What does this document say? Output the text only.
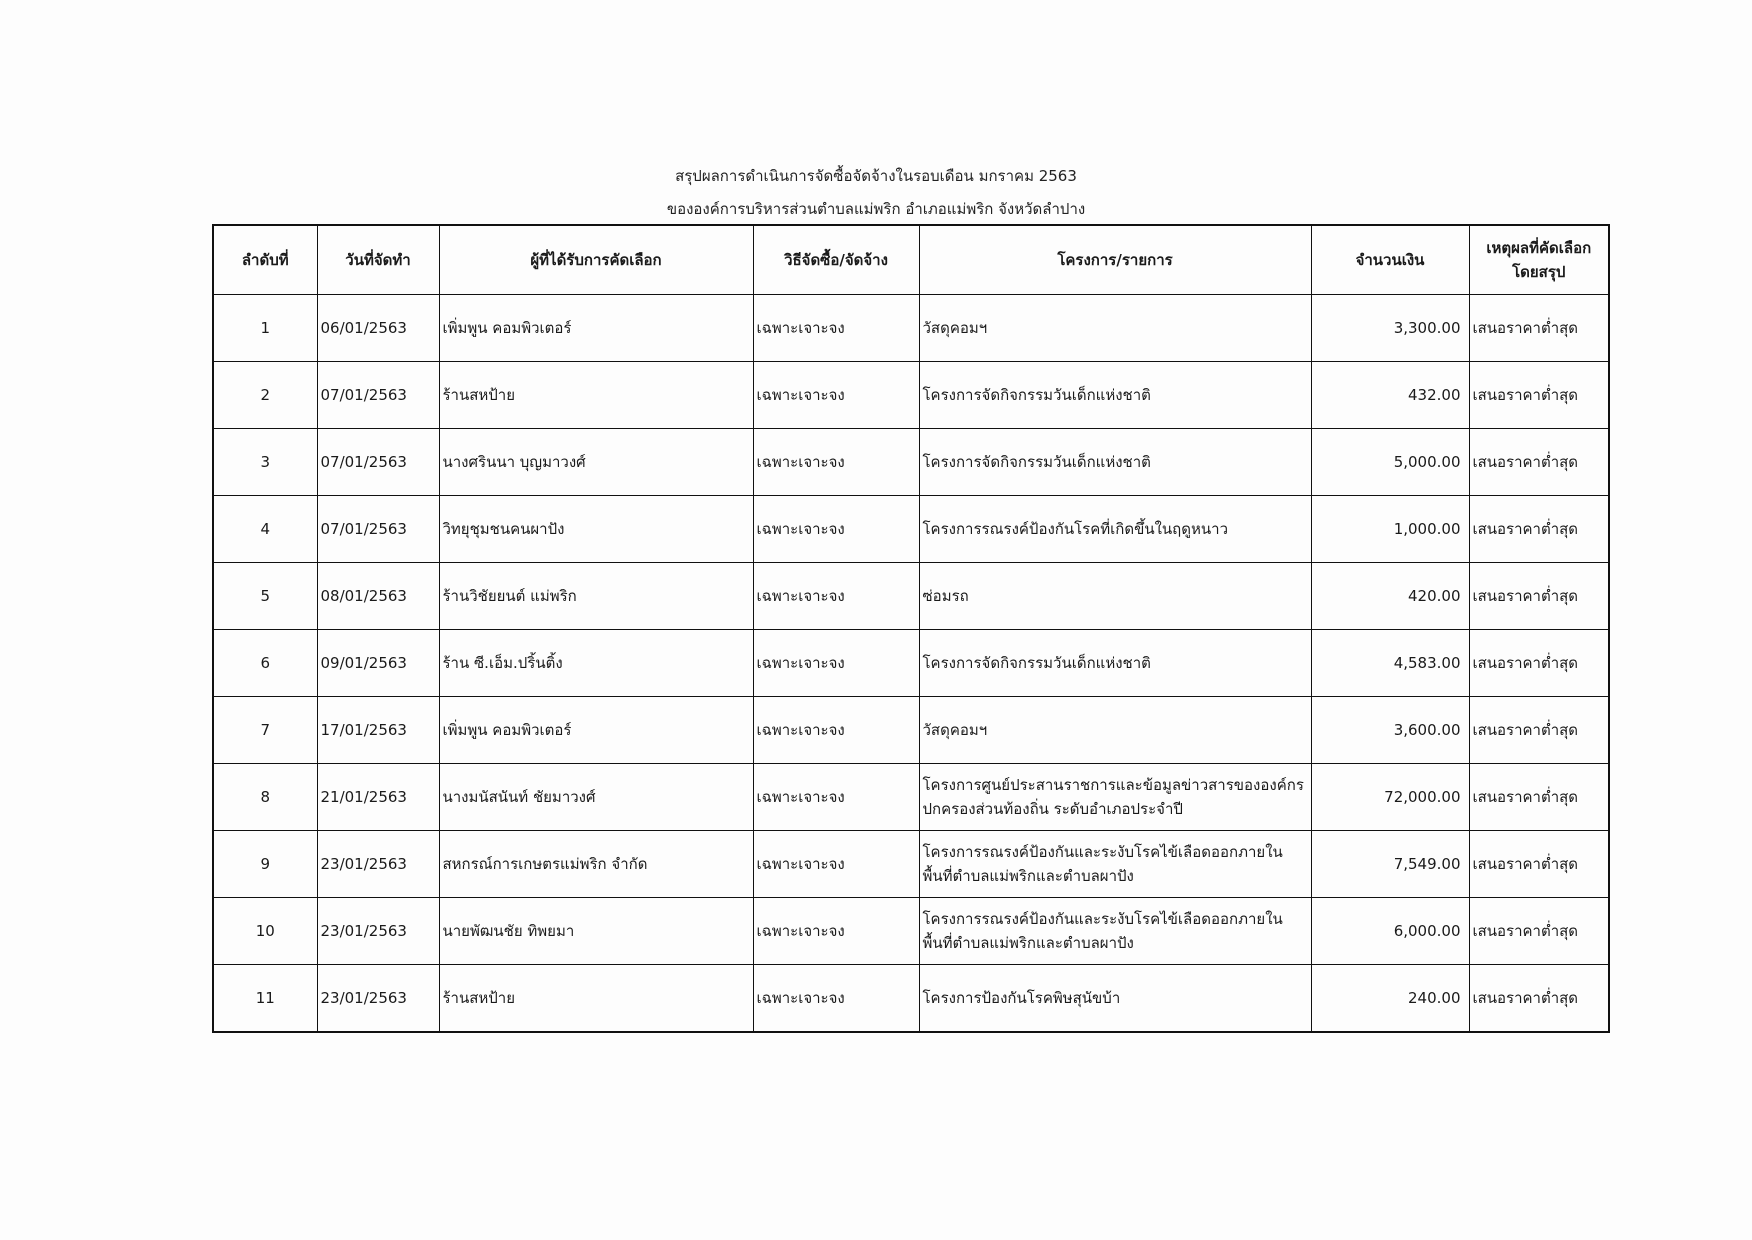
สรุปผลการดำเนินการจัดซื้อจัดจ้างในรอบเดือน มกราคม 2563
ขององค์การบริหารส่วนตำบลแม่พริก อำเภอแม่พริก จังหวัดลำปาง
ลำดับที่	วันที่จัดทำ	ผู้ที่ได้รับการคัดเลือก	วิธีจัดซื้อ/จัดจ้าง	โครงการ/รายการ	จำนวนเงิน	เหตุผลที่คัดเลือก โดยสรุป
1	06/01/2563	เพิ่มพูน คอมพิวเตอร์	เฉพาะเจาะจง	วัสดุคอมฯ	3,300.00	เสนอราคาต่ำสุด
2	07/01/2563	ร้านสหป้าย	เฉพาะเจาะจง	โครงการจัดกิจกรรมวันเด็กแห่งชาติ	432.00	เสนอราคาต่ำสุด
3	07/01/2563	นางศรินนา บุญมาวงศ์	เฉพาะเจาะจง	โครงการจัดกิจกรรมวันเด็กแห่งชาติ	5,000.00	เสนอราคาต่ำสุด
4	07/01/2563	วิทยุชุมชนคนผาปัง	เฉพาะเจาะจง	โครงการรณรงค์ป้องกันโรคที่เกิดขึ้นในฤดูหนาว	1,000.00	เสนอราคาต่ำสุด
5	08/01/2563	ร้านวิชัยยนต์ แม่พริก	เฉพาะเจาะจง	ซ่อมรถ	420.00	เสนอราคาต่ำสุด
6	09/01/2563	ร้าน ซี.เอ็ม.ปริ้นติ้ง	เฉพาะเจาะจง	โครงการจัดกิจกรรมวันเด็กแห่งชาติ	4,583.00	เสนอราคาต่ำสุด
7	17/01/2563	เพิ่มพูน คอมพิวเตอร์	เฉพาะเจาะจง	วัสดุคอมฯ	3,600.00	เสนอราคาต่ำสุด
8	21/01/2563	นางมนัสนันท์ ชัยมาวงศ์	เฉพาะเจาะจง	โครงการศูนย์ประสานราชการและข้อมูลข่าวสารขององค์กรปกครองส่วนท้องถิ่น ระดับอำเภอประจำปี	72,000.00	เสนอราคาต่ำสุด
9	23/01/2563	สหกรณ์การเกษตรแม่พริก จำกัด	เฉพาะเจาะจง	โครงการรณรงค์ป้องกันและระงับโรคไข้เลือดออกภายในพื้นที่ตำบลแม่พริกและตำบลผาปัง	7,549.00	เสนอราคาต่ำสุด
10	23/01/2563	นายพัฒนชัย ทิพยมา	เฉพาะเจาะจง	โครงการรณรงค์ป้องกันและระงับโรคไข้เลือดออกภายในพื้นที่ตำบลแม่พริกและตำบลผาปัง	6,000.00	เสนอราคาต่ำสุด
11	23/01/2563	ร้านสหป้าย	เฉพาะเจาะจง	โครงการป้องกันโรคพิษสุนัขบ้า	240.00	เสนอราคาต่ำสุด
